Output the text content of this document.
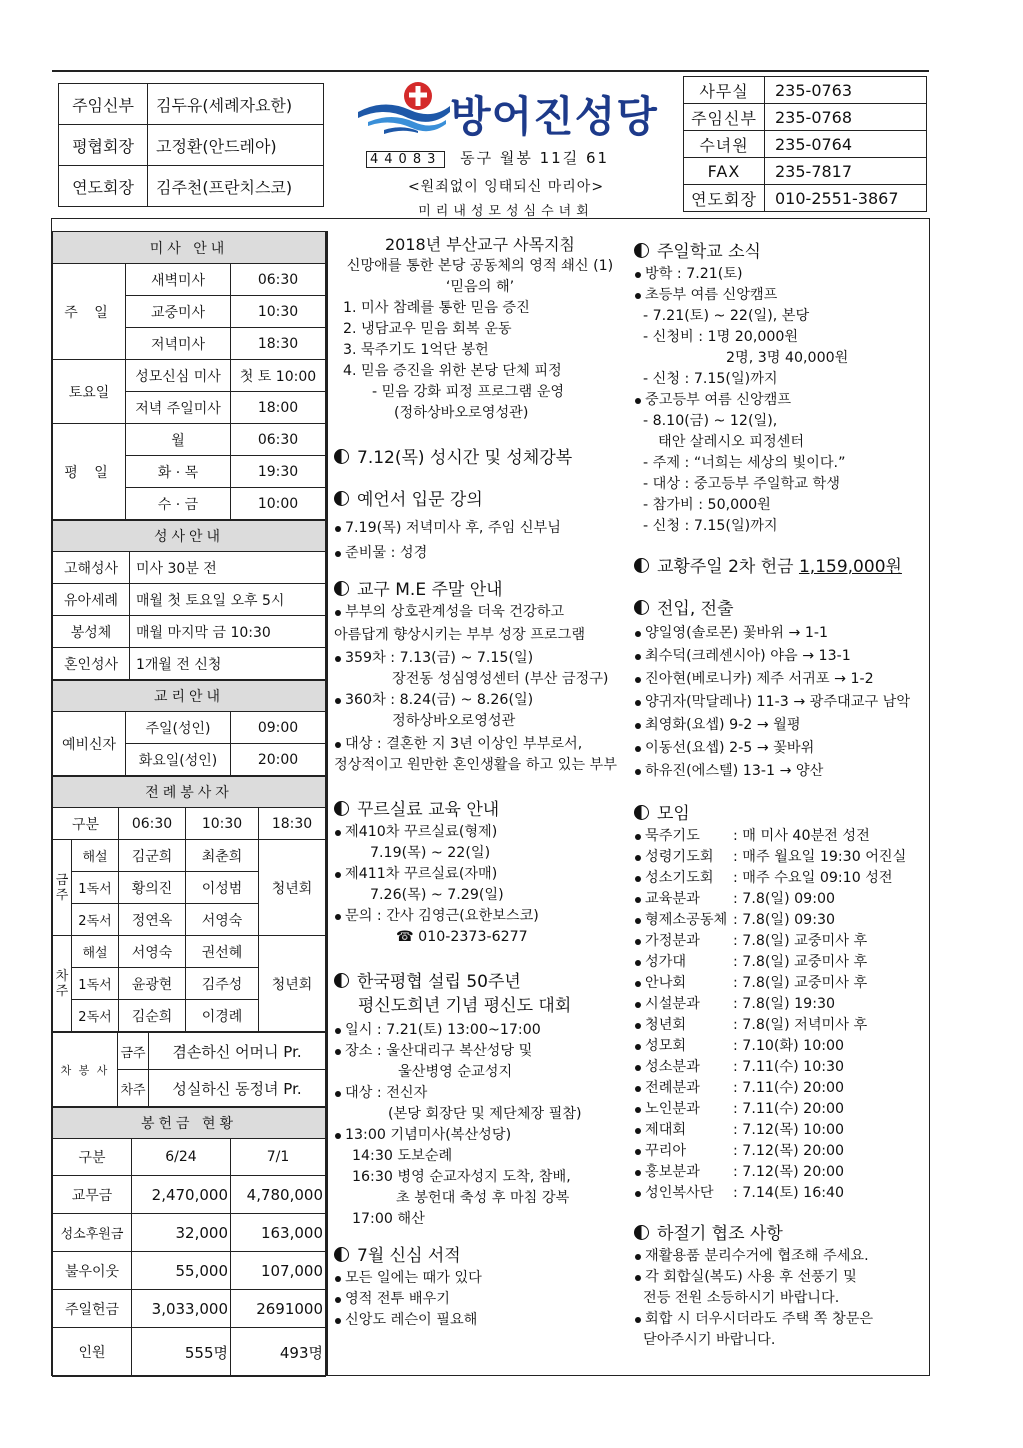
주임신부	김두유(세례자요한)
평협회장	고정환(안드레아)
연도회장	김주천(프란치스코)
방어진성당
44083 동구 월봉 11길 61
<원죄없이 잉태되신 마리아>
미리내성모성심수녀회
사무실	235-0763
주임신부	235-0768
수녀원	235-0764
FAX	235-7817
연도회장	010-2551-3867
미사 안내		
주 일	새벽미사	06:30
	교중미사	10:30
	저녁미사	18:30
토요일	성모신심 미사	첫 토 10:00
	저녁 주일미사	18:00
평 일	월	06:30
	화 · 목	19:30
	수 · 금	10:00
성사안내	
고해성사	미사 30분 전
유아세례	매월 첫 토요일 오후 5시
봉성체	매월 마지막 금 10:30
혼인성사	1개월 전 신청
교리안내		
예비신자	주일(성인)	09:00
	화요일(성인)	20:00
전례봉사자				
구분		06:30	10:30	18:30
금주	해설	김군희	최춘희	청년회
	1독서	황의진	이성범	
	2독서	정연옥	서영숙	
차주	해설	서영숙	권선혜	청년회
	1독서	윤광현	김주성	
	2독서	김순희	이경례	
차 봉 사	금주	겸손하신 어머니 Pr.
	차주	성실하신 동정녀 Pr.
봉헌금 현황		
구분	6/24	7/1
교무금	2,470,000	4,780,000
성소후원금	32,000	163,000
불우이웃	55,000	107,000
주일헌금	3,033,000	2691000
인원	555명	493명
2018년 부산교구 사목지침
신망애를 통한 본당 공동체의 영적 쇄신 (1)
‘믿음의 해’
1. 미사 참례를 통한 믿음 증진
2. 냉담교우 믿음 회복 운동
3. 묵주기도 1억단 봉헌
4. 믿음 증진을 위한 본당 단체 피정
- 믿음 강화 피정 프로그램 운영
(정하상바오로영성관)
7.12(목) 성시간 및 성체강복
예언서 입문 강의
7.19(목) 저녁미사 후, 주임 신부님
준비물 : 성경
교구 M.E 주말 안내
부부의 상호관계성을 더욱 건강하고
아름답게 향상시키는 부부 성장 프로그램
359차 : 7.13(금) ~ 7.15(일)
장전동 성심영성센터 (부산 금정구)
360차 : 8.24(금) ~ 8.26(일)
정하상바오로영성관
대상 : 결혼한 지 3년 이상인 부부로서,
정상적이고 원만한 혼인생활을 하고 있는 부부
꾸르실료 교육 안내
제410차 꾸르실료(형제)
7.19(목) ~ 22(일)
제411차 꾸르실료(자매)
7.26(목) ~ 7.29(일)
문의 : 간사 김영근(요한보스코)
☎ 010-2373-6277
한국평협 설립 50주년
평신도희년 기념 평신도 대회
일시 : 7.21(토) 13:00~17:00
장소 : 울산대리구 복산성당 및
울산병영 순교성지
대상 : 전신자
(본당 회장단 및 제단체장 필참)
13:00 기념미사(복산성당)
14:30 도보순례
16:30 병영 순교자성지 도착, 참배,
초 봉헌대 축성 후 마침 강복
17:00 해산
7월 신심 서적
모든 일에는 때가 있다
영적 전투 배우기
신앙도 레슨이 필요해
주일학교 소식
방학 : 7.21(토)
초등부 여름 신앙캠프
- 7.21(토) ~ 22(일), 본당
- 신청비 : 1명 20,000원
2명, 3명 40,000원
- 신청 : 7.15(일)까지
중고등부 여름 신앙캠프
- 8.10(금) ~ 12(일),
태안 살레시오 피정센터
- 주제 : “너희는 세상의 빛이다.”
- 대상 : 중고등부 주일학교 학생
- 참가비 : 50,000원
- 신청 : 7.15(일)까지
교황주일 2차 헌금 1,159,000원
전입, 전출
양일영(솔로몬) 꽃바위 → 1-1
최수덕(크레센시아) 야음 → 13-1
진아현(베로니카) 제주 서귀포 → 1-2
양귀자(막달레나) 11-3 → 광주대교구 남악
최영화(요셉) 9-2 → 월평
이동선(요셉) 2-5 → 꽃바위
하유진(에스텔) 13-1 → 양산
모임
묵주기도 : 매 미사 40분전 성전
성령기도회 : 매주 월요일 19:30 어진실
성소기도회 : 매주 수요일 09:10 성전
교육분과 : 7.8(일) 09:00
형제소공동체 : 7.8(일) 09:30
가정분과 : 7.8(일) 교중미사 후
성가대	: 7.8(일) 교중미사 후
안나회	: 7.8(일) 교중미사 후
시설분과 : 7.8(일) 19:30
청년회	: 7.8(일) 저녁미사 후
성모회	: 7.10(화) 10:00
성소분과 : 7.11(수) 10:30
전례분과 : 7.11(수) 20:00
노인분과 : 7.11(수) 20:00
제대회	: 7.12(목) 10:00
꾸리아	: 7.12(목) 20:00
홍보분과 : 7.12(목) 20:00
성인복사단 : 7.14(토) 16:40
하절기 협조 사항
재활용품 분리수거에 협조해 주세요.
각 회합실(복도) 사용 후 선풍기 및
전등 전원 소등하시기 바랍니다.
회합 시 더우시더라도 주택 쪽 창문은
닫아주시기 바랍니다.
